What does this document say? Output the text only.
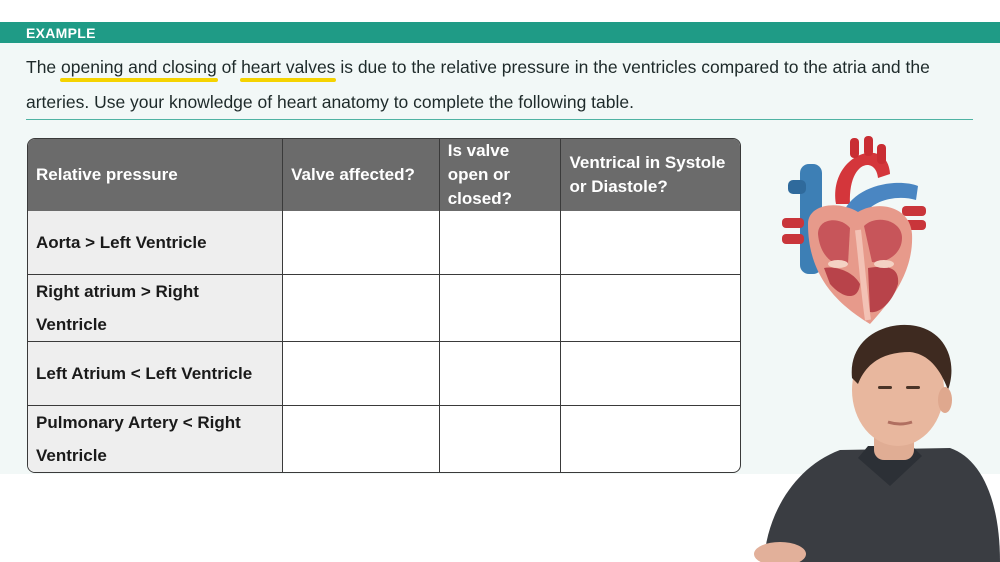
EXAMPLE
The opening and closing of heart valves is due to the relative pressure in the ventricles compared to the atria and the arteries. Use your knowledge of heart anatomy to complete the following table.
Relative pressure	Valve affected?	Is valve open or closed?	Ventrical in Systole or Diastole?
Aorta > Left Ventricle			
Right atrium > Right Ventricle			
Left Atrium < Left Ventricle			
Pulmonary Artery < Right Ventricle			
